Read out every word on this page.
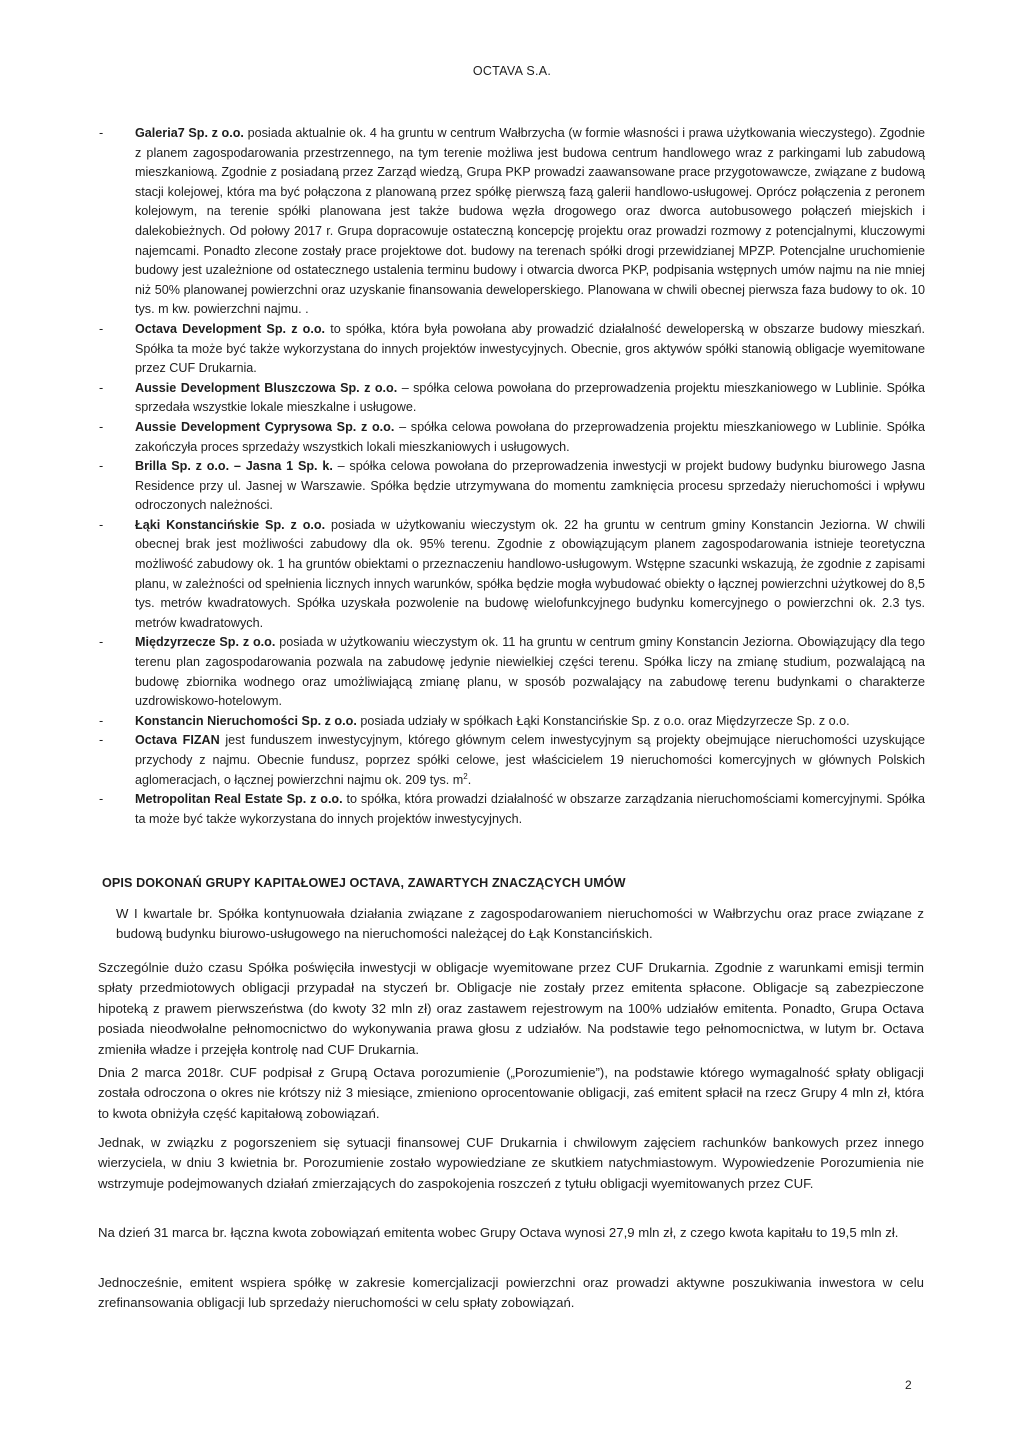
OCTAVA S.A.
-	Galeria7 Sp. z o.o. posiada aktualnie ok. 4 ha gruntu w centrum Wałbrzycha (w formie własności i prawa użytkowania wieczystego). Zgodnie z planem zagospodarowania przestrzennego, na tym terenie możliwa jest budowa centrum handlowego wraz z parkingami lub zabudową mieszkaniową. Zgodnie z posiadaną przez Zarząd wiedzą, Grupa PKP prowadzi zaawansowane prace przygotowawcze, związane z budową stacji kolejowej, która ma być połączona z planowaną przez spółkę pierwszą fazą galerii handlowo-usługowej. Oprócz połączenia z peronem kolejowym, na terenie spółki planowana jest także budowa węzła drogowego oraz dworca autobusowego połączeń miejskich i dalekobieżnych. Od połowy 2017 r. Grupa dopracowuje ostateczną koncepcję projektu oraz prowadzi rozmowy z potencjalnymi, kluczowymi najemcami. Ponadto zlecone zostały prace projektowe dot. budowy na terenach spółki drogi przewidzianej MPZP. Potencjalne uruchomienie budowy jest uzależnione od ostatecznego ustalenia terminu budowy i otwarcia dworca PKP, podpisania wstępnych umów najmu na nie mniej niż 50% planowanej powierzchni oraz uzyskanie finansowania deweloperskiego. Planowana w chwili obecnej pierwsza faza budowy to ok. 10 tys. m kw. powierzchni najmu. .
-	Octava Development Sp. z o.o. to spółka, która była powołana aby prowadzić działalność deweloperską w obszarze budowy mieszkań. Spółka ta może być także wykorzystana do innych projektów inwestycyjnych. Obecnie, gros aktywów spółki stanowią obligacje wyemitowane przez CUF Drukarnia.
-	Aussie Development Bluszczowa Sp. z o.o. – spółka celowa powołana do przeprowadzenia projektu mieszkaniowego w Lublinie. Spółka sprzedała wszystkie lokale mieszkalne i usługowe.
-	Aussie Development Cyprysowa Sp. z o.o. – spółka celowa powołana do przeprowadzenia projektu mieszkaniowego w Lublinie. Spółka zakończyła proces sprzedaży wszystkich lokali mieszkaniowych i usługowych.
-	Brilla Sp. z o.o. – Jasna 1 Sp. k. – spółka celowa powołana do przeprowadzenia inwestycji w projekt budowy budynku biurowego Jasna Residence przy ul. Jasnej w Warszawie. Spółka będzie utrzymywana do momentu zamknięcia procesu sprzedaży nieruchomości i wpływu odroczonych należności.
-	Łąki Konstancińskie Sp. z o.o. posiada w użytkowaniu wieczystym ok. 22 ha gruntu w centrum gminy Konstancin Jeziorna. W chwili obecnej brak jest możliwości zabudowy dla ok. 95% terenu. Zgodnie z obowiązującym planem zagospodarowania istnieje teoretyczna możliwość zabudowy ok. 1 ha gruntów obiektami o przeznaczeniu handlowo-usługowym. Wstępne szacunki wskazują, że zgodnie z zapisami planu, w zależności od spełnienia licznych innych warunków, spółka będzie mogła wybudować obiekty o łącznej powierzchni użytkowej do 8,5 tys. metrów kwadratowych. Spółka uzyskała pozwolenie na budowę wielofunkcyjnego budynku komercyjnego o powierzchni ok. 2.3 tys. metrów kwadratowych.
-	Międzyrzecze Sp. z o.o. posiada w użytkowaniu wieczystym ok. 11 ha gruntu w centrum gminy Konstancin Jeziorna. Obowiązujący dla tego terenu plan zagospodarowania pozwala na zabudowę jedynie niewielkiej części terenu. Spółka liczy na zmianę studium, pozwalającą na budowę zbiornika wodnego oraz umożliwiającą zmianę planu, w sposób pozwalający na zabudowę terenu budynkami o charakterze uzdrowiskowo-hotelowym.
-	Konstancin Nieruchomości Sp. z o.o. posiada udziały w spółkach Łąki Konstancińskie Sp. z o.o. oraz Międzyrzecze Sp. z o.o.
-	Octava FIZAN jest funduszem inwestycyjnym, którego głównym celem inwestycyjnym są projekty obejmujące nieruchomości uzyskujące przychody z najmu. Obecnie fundusz, poprzez spółki celowe, jest właścicielem 19 nieruchomości komercyjnych w głównych Polskich aglomeracjach, o łącznej powierzchni najmu ok. 209 tys. $m^2$.
-	Metropolitan Real Estate Sp. z o.o. to spółka, która prowadzi działalność w obszarze zarządzania nieruchomościami komercyjnymi. Spółka ta może być także wykorzystana do innych projektów inwestycyjnych.
OPIS DOKONAŃ GRUPY KAPITAŁOWEJ OCTAVA, ZAWARTYCH ZNACZĄCYCH UMÓW

W I kwartale br. Spółka kontynuowała działania związane z zagospodarowaniem nieruchomości w Wałbrzychu oraz prace związane z budową budynku biurowo-usługowego na nieruchomości należącej do Łąk Konstancińskich.

Szczególnie dużo czasu Spółka poświęciła inwestycji w obligacje wyemitowane przez CUF Drukarnia. Zgodnie z warunkami emisji termin spłaty przedmiotowych obligacji przypadał na styczeń br. Obligacje nie zostały przez emitenta spłacone. Obligacje są zabezpieczone hipoteką z prawem pierwszeństwa (do kwoty 32 mln zł) oraz zastawem rejestrowym na 100% udziałów emitenta. Ponadto, Grupa Octava posiada nieodwołalne pełnomocnictwo do wykonywania prawa głosu z udziałów. Na podstawie tego pełnomocnictwa, w lutym br. Octava zmieniła władze i przejęła kontrolę nad CUF Drukarnia.

Dnia 2 marca 2018r. CUF podpisał z Grupą Octava porozumienie („Porozumienie”), na podstawie którego wymagalność spłaty obligacji została odroczona o okres nie krótszy niż 3 miesiące, zmieniono oprocentowanie obligacji, zaś emitent spłacił na rzecz Grupy 4 mln zł, która to kwota obniżyła część kapitałową zobowiązań.

Jednak, w związku z pogorszeniem się sytuacji finansowej CUF Drukarnia i chwilowym zajęciem rachunków bankowych przez innego wierzyciela, w dniu 3 kwietnia br. Porozumienie zostało wypowiedziane ze skutkiem natychmiastowym. Wypowiedzenie Porozumienia nie wstrzymuje podejmowanych działań zmierzających do zaspokojenia roszczeń z tytułu obligacji wyemitowanych przez CUF.

Na dzień 31 marca br. łączna kwota zobowiązań emitenta wobec Grupy Octava wynosi 27,9 mln zł, z czego kwota kapitału to 19,5 mln zł.

Jednocześnie, emitent wspiera spółkę w zakresie komercjalizacji powierzchni oraz prowadzi aktywne poszukiwania inwestora w celu zrefinansowania obligacji lub sprzedaży nieruchomości w celu spłaty zobowiązań.

2
